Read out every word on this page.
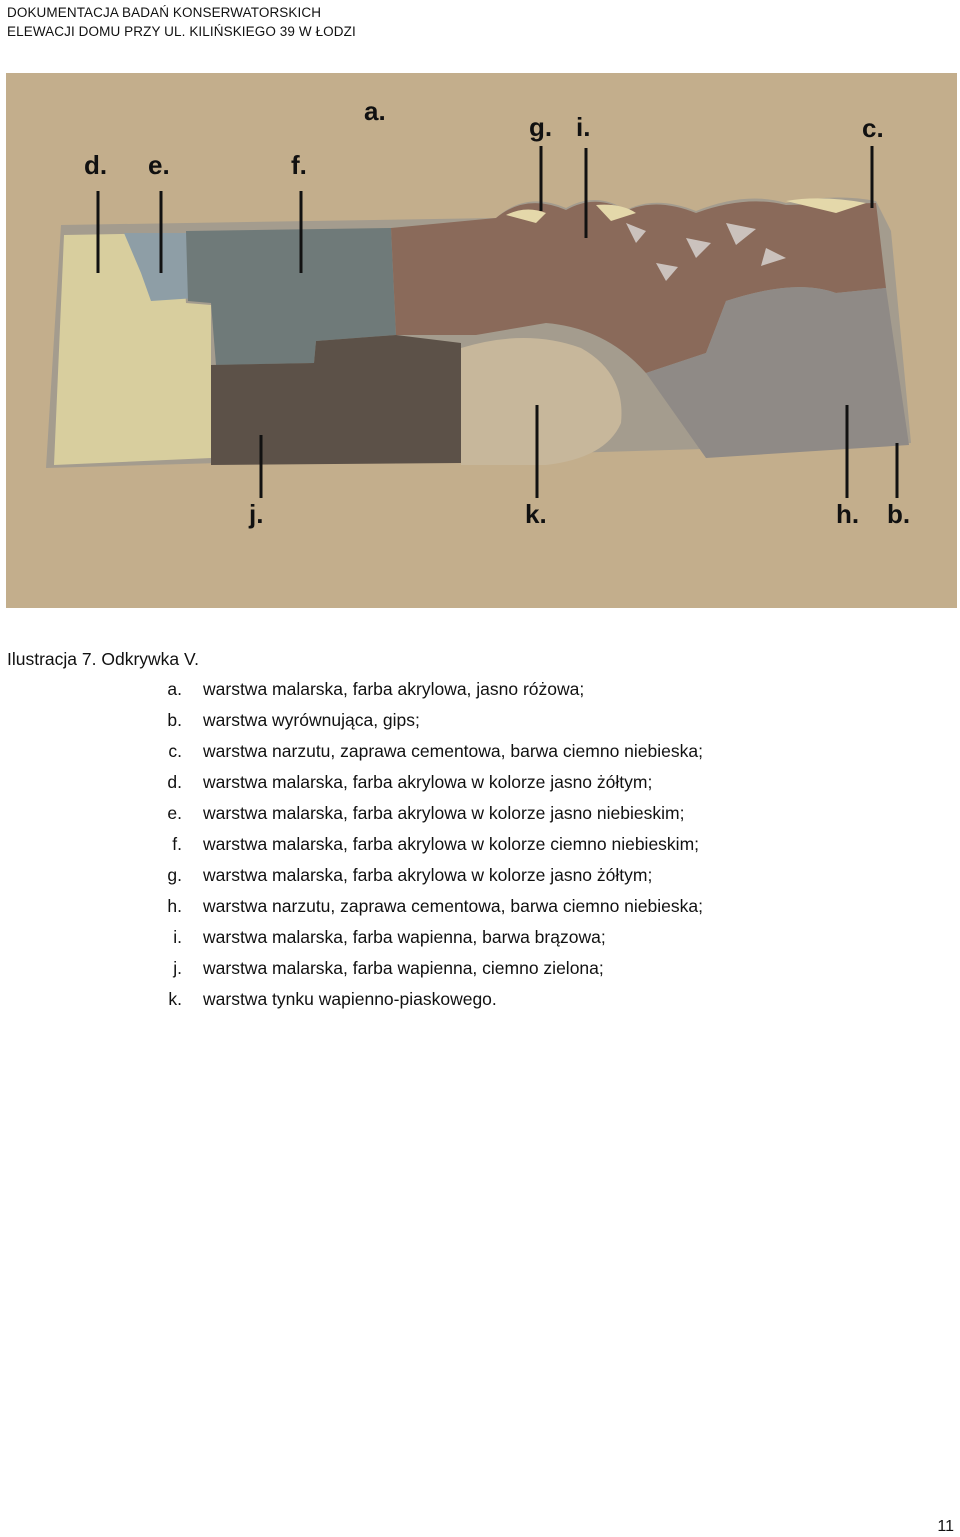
DOKUMENTACJA BADAŃ KONSERWATORSKICH
ELEWACJI DOMU PRZY UL. KILIŃSKIEGO 39 W ŁODZI
a.
d. e.	f.
g. i.	c.
j.	k.	h. b.
Ilustracja 7. Odkrywka V.
a. warstwa malarska, farba akrylowa, jasno różowa;
b. warstwa wyrównująca, gips;
c. warstwa narzutu, zaprawa cementowa, barwa ciemno niebieska;
d. warstwa malarska, farba akrylowa w kolorze jasno żółtym;
e. warstwa malarska, farba akrylowa w kolorze jasno niebieskim;
f. warstwa malarska, farba akrylowa w kolorze ciemno niebieskim;
g. warstwa malarska, farba akrylowa w kolorze jasno żółtym;
h. warstwa narzutu, zaprawa cementowa, barwa ciemno niebieska;
i. warstwa malarska, farba wapienna, barwa brązowa;
j. warstwa malarska, farba wapienna, ciemno zielona;
k. warstwa tynku wapienno-piaskowego.
11
